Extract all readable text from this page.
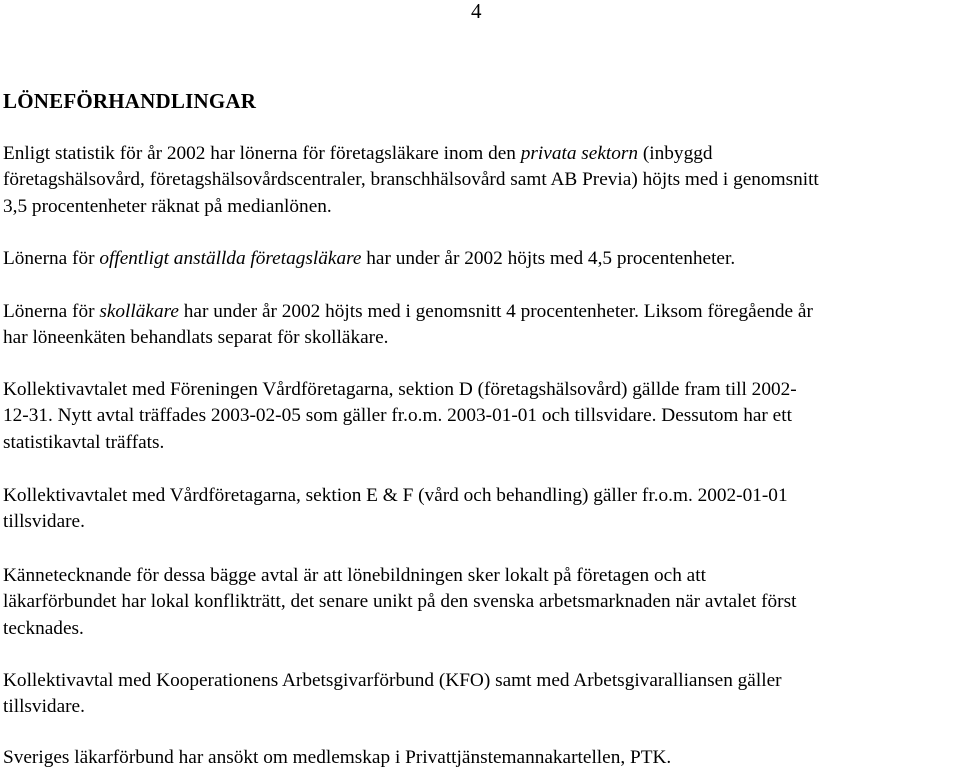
4
LÖNEFÖRHANDLINGAR

Enligt statistik för år 2002 har lönerna för företagsläkare inom den privata sektorn (inbyggd
företagshälsovård, företagshälsovårdscentraler, branschhälsovård samt AB Previa) höjts med i genomsnitt
3,5 procentenheter räknat på medianlönen.

Lönerna för offentligt anställda företagsläkare har under år 2002 höjts med 4,5 procentenheter.

Lönerna för skolläkare har under år 2002 höjts med i genomsnitt 4 procentenheter. Liksom föregående år
har löneenkäten behandlats separat för skolläkare.

Kollektivavtalet med Föreningen Vårdföretagarna, sektion D (företagshälsovård) gällde fram till 2002-
12-31. Nytt avtal träffades 2003-02-05 som gäller fr.o.m. 2003-01-01 och tillsvidare. Dessutom har ett
statistikavtal träffats.

Kollektivavtalet med Vårdföretagarna, sektion E & F (vård och behandling) gäller fr.o.m. 2002-01-01
tillsvidare.

Kännetecknande för dessa bägge avtal är att lönebildningen sker lokalt på företagen och att
läkarförbundet har lokal konflikträtt, det senare unikt på den svenska arbetsmarknaden när avtalet först
tecknades.

Kollektivavtal med Kooperationens Arbetsgivarförbund (KFO) samt med Arbetsgivaralliansen gäller
tillsvidare.

Sveriges läkarförbund har ansökt om medlemskap i Privattjänstemannakartellen, PTK.
